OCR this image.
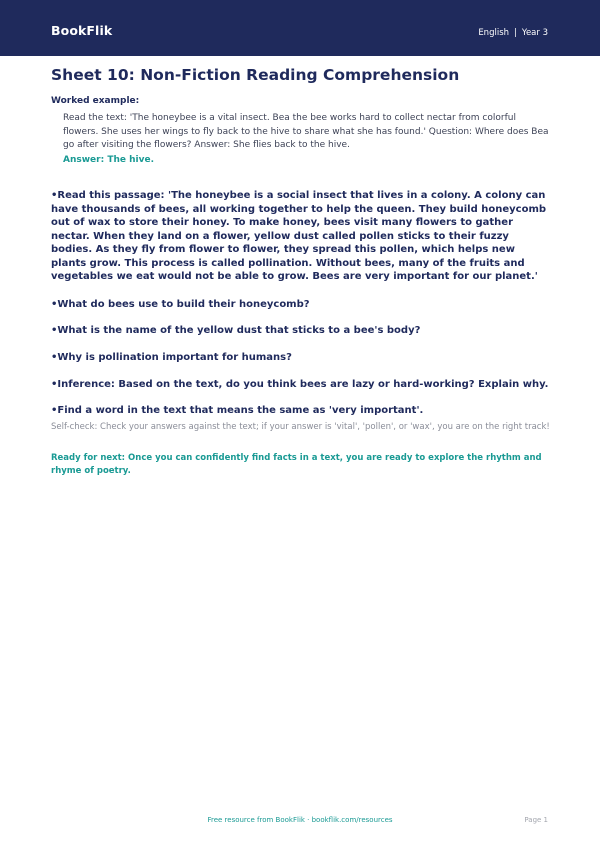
BookFlik	English | Year 3
Sheet 10: Non-Fiction Reading Comprehension
Worked example:
Read the text: 'The honeybee is a vital insect. Bea the bee works hard to collect nectar from colorful flowers. She uses her wings to fly back to the hive to share what she has found.' Question: Where does Bea go after visiting the flowers? Answer: She flies back to the hive.
Answer: The hive.
•Read this passage: 'The honeybee is a social insect that lives in a colony. A colony can have thousands of bees, all working together to help the queen. They build honeycomb out of wax to store their honey. To make honey, bees visit many flowers to gather nectar. When they land on a flower, yellow dust called pollen sticks to their fuzzy bodies. As they fly from flower to flower, they spread this pollen, which helps new plants grow. This process is called pollination. Without bees, many of the fruits and vegetables we eat would not be able to grow. Bees are very important for our planet.'
•What do bees use to build their honeycomb?
•What is the name of the yellow dust that sticks to a bee's body?
•Why is pollination important for humans?
•Inference: Based on the text, do you think bees are lazy or hard-working? Explain why.
•Find a word in the text that means the same as 'very important'.
Self-check: Check your answers against the text; if your answer is 'vital', 'pollen', or 'wax', you are on the right track!
Ready for next: Once you can confidently find facts in a text, you are ready to explore the rhythm and rhyme of poetry.
Free resource from BookFlik · bookflik.com/resources	Page 1
